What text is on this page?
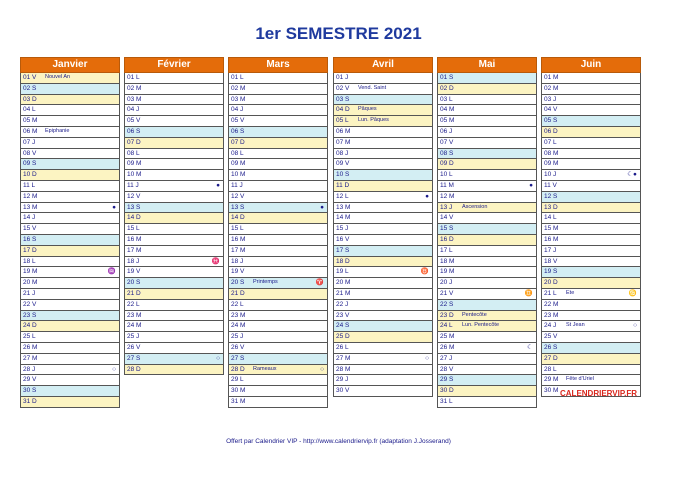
1er SEMESTRE 2021
Janvier
01 V Nouvel An
02 S
03 D
04 L
05 M
06 M Epiphanie
07 J
08 V
09 S
10 D
11 L
12 M
13 M	●
14 J
15 V
16 S
17 D
18 L
19 M	♒
20 M
21 J
22 V
23 S
24 D
25 L
26 M
27 M
28 J	○
29 V
30 S
31 D
Février
01 L
02 M
03 M
04 J
05 V
06 S
07 D
08 L
09 M
10 M
11 J	●
12 V
13 S
14 D
15 L
16 M
17 M
18 J	♓
19 V
20 S
21 D
22 L
23 M
24 M
25 J
26 V
27 S	○
28 D
Mars
01 L
02 M
03 M
04 J
05 V
06 S
07 D
08 L
09 M
10 M
11 J
12 V
13 S	●
14 D
15 L
16 M
17 M
18 J
19 V
20 S Printemps	♈
21 D
22 L
23 M
24 M
25 J
26 V
27 S
28 D Rameaux	○
29 L
30 M
31 M
Avril
01 J
02 V Vend. Saint
03 S
04 D Pâques
05 L Lun. Pâques
06 M
07 M
08 J
09 V
10 S
11 D
12 L	●
13 M
14 M
15 J
16 V
17 S
18 D
19 L	♉
20 M
21 M
22 J
23 V
24 S
25 D
26 L
27 M	○
28 M
29 J
30 V
Mai
01 S
02 D
03 L
04 M
05 M
06 J
07 V
08 S
09 D
10 L
11 M	●
12 M
13 J Ascension
14 V
15 S
16 D
17 L
18 M
19 M
20 J
21 V	♊
22 S
23 D Pentecôte
24 L Lun. Pentecôte
25 M
26 M	☾
27 J
28 V
29 S
30 D
31 L
Juin
01 M
02 M
03 J
04 V
05 S
06 D
07 L
08 M
09 M
10 J	☾●
11 V
12 S
13 D
14 L
15 M
16 M
17 J
18 V
19 S
20 D
21 L Ete	♋
22 M
23 M
24 J St Jean	○
25 V
26 S
27 D
28 L
29 M Fête d'Uriel
30 M CALENDRIERVIP.FR
Offert par Calendrier VIP - http://www.calendriervip.fr (adaptation J.Josserand)
